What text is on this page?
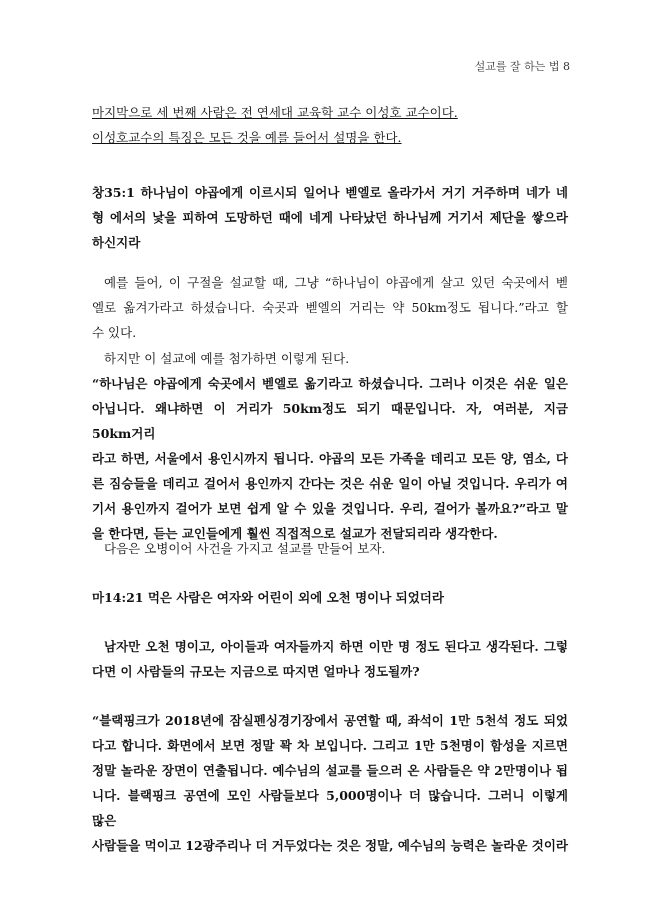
설교를 잘 하는 법 8
마지막으로 세 번째 사람은 전 연세대 교육학 교수 이성호 교수이다.
이성호교수의 특징은 모든 것을 예를 들어서 설명을 한다.
창35:1 하나님이 야곱에게 이르시되 일어나 벧엘로 올라가서 거기 거주하며 네가 네
형 에서의 낯을 피하여 도망하던 때에 네게 나타났던 하나님께 거기서 제단을 쌓으라
하신지라
예를 들어, 이 구절을 설교할 때, 그냥 “하나님이 야곱에게 살고 있던 숙곳에서 벧
엘로 옮겨가라고 하셨습니다. 숙곳과 벧엘의 거리는 약 50km정도 됩니다.”라고 할
수 있다.
하지만 이 설교에 예를 첨가하면 이렇게 된다.
“하나님은 야곱에게 숙곳에서 벧엘로 옮기라고 하셨습니다. 그러나 이것은 쉬운 일은
아닙니다. 왜냐하면 이 거리가 50km정도 되기 때문입니다. 자, 여러분, 지금 50km거리
라고 하면, 서울에서 용인시까지 됩니다. 야곱의 모든 가족을 데리고 모든 양, 염소, 다
른 짐승들을 데리고 걸어서 용인까지 간다는 것은 쉬운 일이 아닐 것입니다. 우리가 여
기서 용인까지 걸어가 보면 쉽게 알 수 있을 것입니다. 우리, 걸어가 볼까요?”라고 말
을 한다면, 듣는 교인들에게 훨씬 직접적으로 설교가 전달되리라 생각한다.
다음은 오병이어 사건을 가지고 설교를 만들어 보자.
마14:21 먹은 사람은 여자와 어린이 외에 오천 명이나 되었더라
남자만 오천 명이고, 아이들과 여자들까지 하면 이만 명 정도 된다고 생각된다. 그렇
다면 이 사람들의 규모는 지금으로 따지면 얼마나 정도될까?
“블랙핑크가 2018년에 잠실펜싱경기장에서 공연할 때, 좌석이 1만 5천석 정도 되었
다고 합니다. 화면에서 보면 정말 꽉 차 보입니다. 그리고 1만 5천명이 함성을 지르면
정말 놀라운 장면이 연출됩니다. 예수님의 설교를 들으러 온 사람들은 약 2만명이나 됩
니다. 블랙핑크 공연에 모인 사람들보다 5,000명이나 더 많습니다. 그러니 이렇게 많은
사람들을 먹이고 12광주리나 더 거두었다는 것은 정말, 예수님의 능력은 놀라운 것이라
